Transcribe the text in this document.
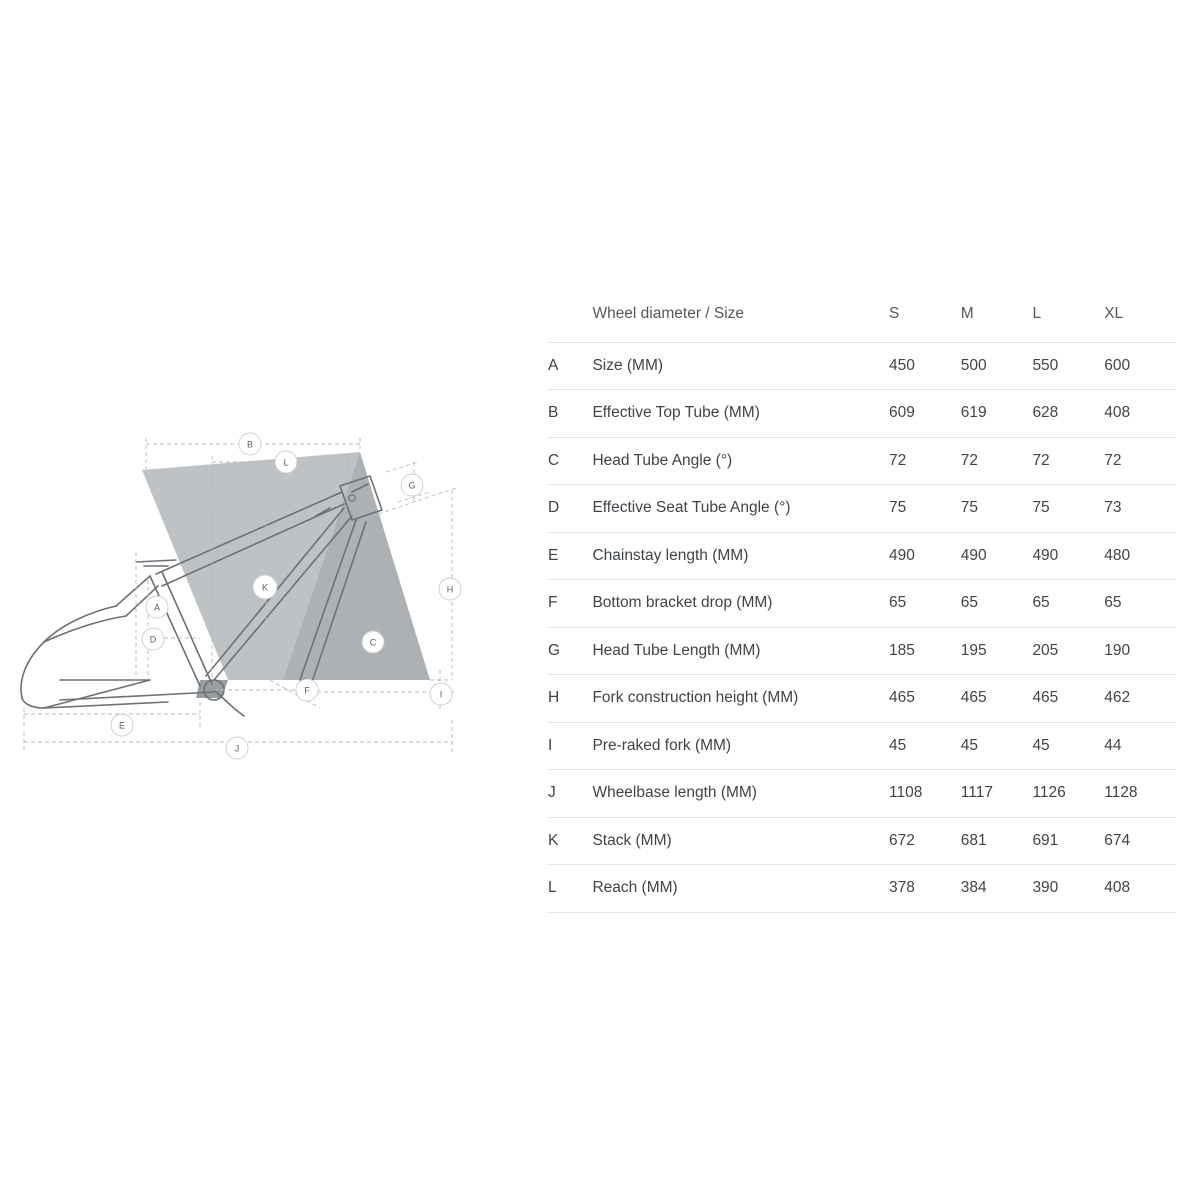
B
L
G
H
K
A
D	C
F	I
E
J
	Wheel diameter / Size	S	M	L	XL
A	Size (MM)	450	500	550	600
B	Effective Top Tube (MM)	609	619	628	408
C	Head Tube Angle (°)	72	72	72	72
D	Effective Seat Tube Angle (°)	75	75	75	73
E	Chainstay length (MM)	490	490	490	480
F	Bottom bracket drop (MM)	65	65	65	65
G	Head Tube Length (MM)	185	195	205	190
H	Fork construction height (MM)	465	465	465	462
I	Pre-raked fork (MM)	45	45	45	44
J	Wheelbase length (MM)	1108	1117	1126	1128
K	Stack (MM)	672	681	691	674
L	Reach (MM)	378	384	390	408
